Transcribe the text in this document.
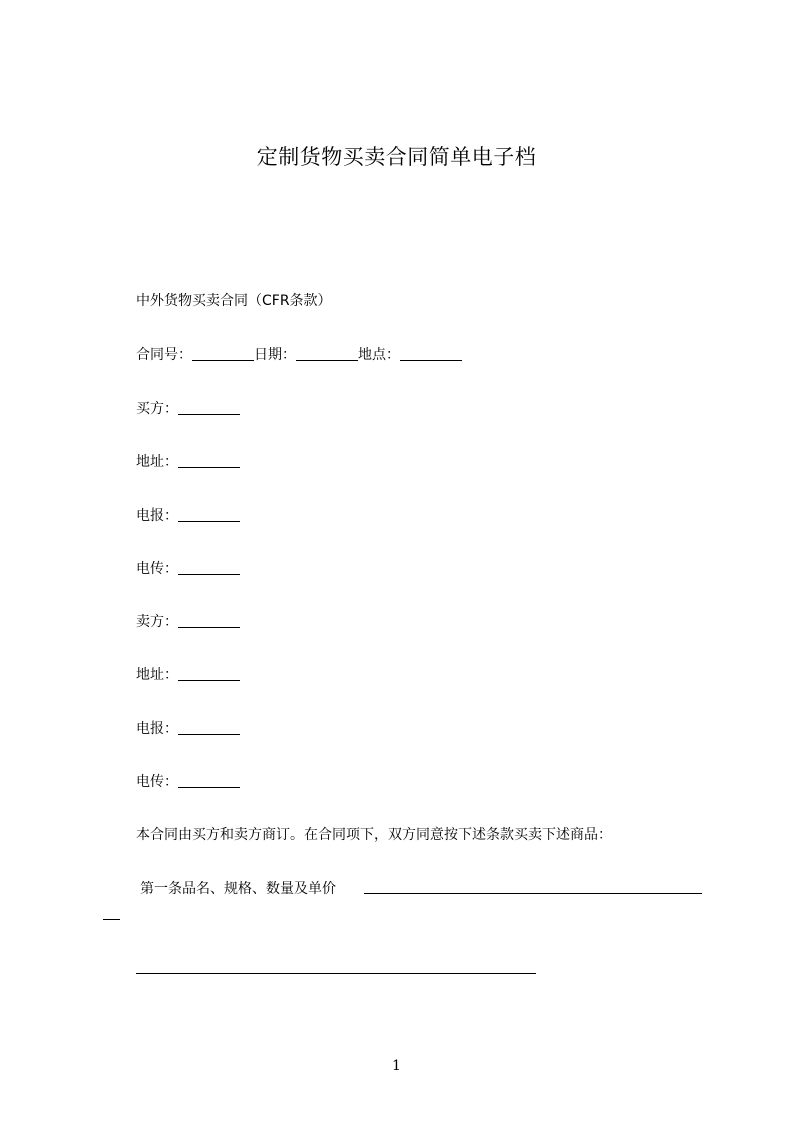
定制货物买卖合同简单电子档
中外货物买卖合同（CFR条款）
合同号：	日期：	地点：
买方：
地址：
电报：
电传：
卖方：
地址：
电报：
电传：
本合同由买方和卖方商订。在合同项下，双方同意按下述条款买卖下述商品：
第一条品名、规格、数量及单价
1
